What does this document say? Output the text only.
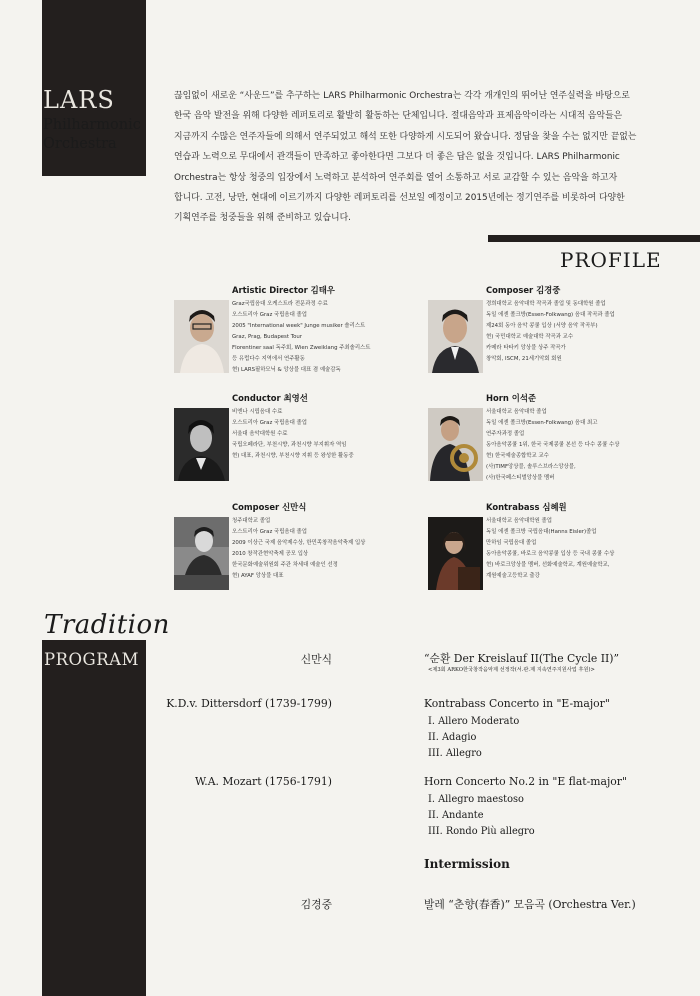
LARS
Philharmonic
Orchestra
끊임없이 새로운 “사운드”를 추구하는 LARS Philharmonic Orchestra는 각각 개개인의 뛰어난 연주실력을 바탕으로
한국 음악 발전을 위해 다양한 레퍼토리로 활발히 활동하는 단체입니다. 절대음악과 표제음악이라는 시대적 음악들은
지금까지 수많은 연주자들에 의해서 연주되었고 해석 또한 다양하게 시도되어 왔습니다. 정답을 찾을 수는 없지만 끝없는
연습과 노력으로 무대에서 관객들이 만족하고 좋아한다면 그보다 더 좋은 답은 없을 것입니다. LARS Philharmonic
Orchestra는 항상 청중의 입장에서 노력하고 분석하여 연주회를 열어 소통하고 서로 교감할 수 있는 음악을 하고자
합니다. 고전, 낭만, 현대에 이르기까지 다양한 레퍼토리를 선보일 예정이고 2015년에는 정기연주를 비롯하여 다양한
기획연주를 청중들을 위해 준비하고 있습니다.
PROFILE
Artistic Director 김태우
Graz국립음대 오케스트라 전문과정 수료
오스트리아 Graz 국립음대 졸업
2005 "International week" Junge musiker 솔리스트
Graz, Prag, Budapest Tour
Florentiner saal 독주회, Wien Zweiklang 주최솔리스트
등 유럽다수 지역에서 연주활동
현) LARS필하모닉 & 앙상블 대표 겸 예술감독
Conductor 최영선
비엔나 시립음대 수료
오스트리아 Graz 국립음대 졸업
서울대 음악대학원 수료
국립오페라단, 부천시향, 과천시향 부지휘자 역임
현) 대표, 과천시향, 부천시향 지휘 등 왕성한 활동중
Composer 신만식
청주대학교 졸업
오스트리아 Graz 국립음대 졸업
2009 이상근 국제 음악제수상, 한민족창작음악축제 입상
2010 창작관현악축제 공모 입상
한국문화예술위원회 주관 차세대 예술인 선정
현) AYAF 앙상블 대표
Composer 김경중
경희대학교 음악대학 작곡과 졸업 및 동대학원 졸업
독일 에센 폴크방(Essen-Folkwang) 음대 작곡과 졸업
제24회 동아 음악 콩쿨 입상 (서양 음악 작곡부)
현) 국민대학교 예술대학 작곡과 교수
카메라 타타키 앙상블 상주 작곡가
창악회, ISCM, 21세기악회 회원
Horn 이석준
서울대학교 음악대학 졸업
독일 에센 폴크방(Essen-Folkwang) 음대 최고
연주자과정 졸업
동아음악콩쿨 1위, 한국 국제콩쿨 본선 등 다수 콩쿨 수상
현) 한국예술종합학교 교수
(사)TIMF앙상블, 솔루스브라스앙상블,
(사)한국페스티벌앙상블 멤버
Kontrabass 심혜원
서울대학교 음악대학원 졸업
독일 에센 폴크방 국립음대(Hanns Eisler)졸업
만하임 국립음대 졸업
동아음악콩쿨, 바로크 음악콩쿨 입상 등 국내 콩쿨 수상
현) 바로크앙상블 멤버, 선화예술학교, 계원예술학교,
계원예술고등학교 출강
Tradition
PROGRAM	신만식	“순환 Der Kreislauf II(The Cycle II)”
<제3회 ARKO한국창작음악제 선정작(서.관.제 지속연주지원사업 후원)>
K.D.v. Dittersdorf (1739-1799)	Kontrabass Concerto in "E-major"
I. Allero Moderato
II. Adagio
III. Allegro
W.A. Mozart (1756-1791)	Horn Concerto No.2 in "E flat-major"
I. Allegro maestoso
II. Andante
III. Rondo Più allegro
Intermission
김경중	발레 “춘향(春香)” 모음곡 (Orchestra Ver.)
